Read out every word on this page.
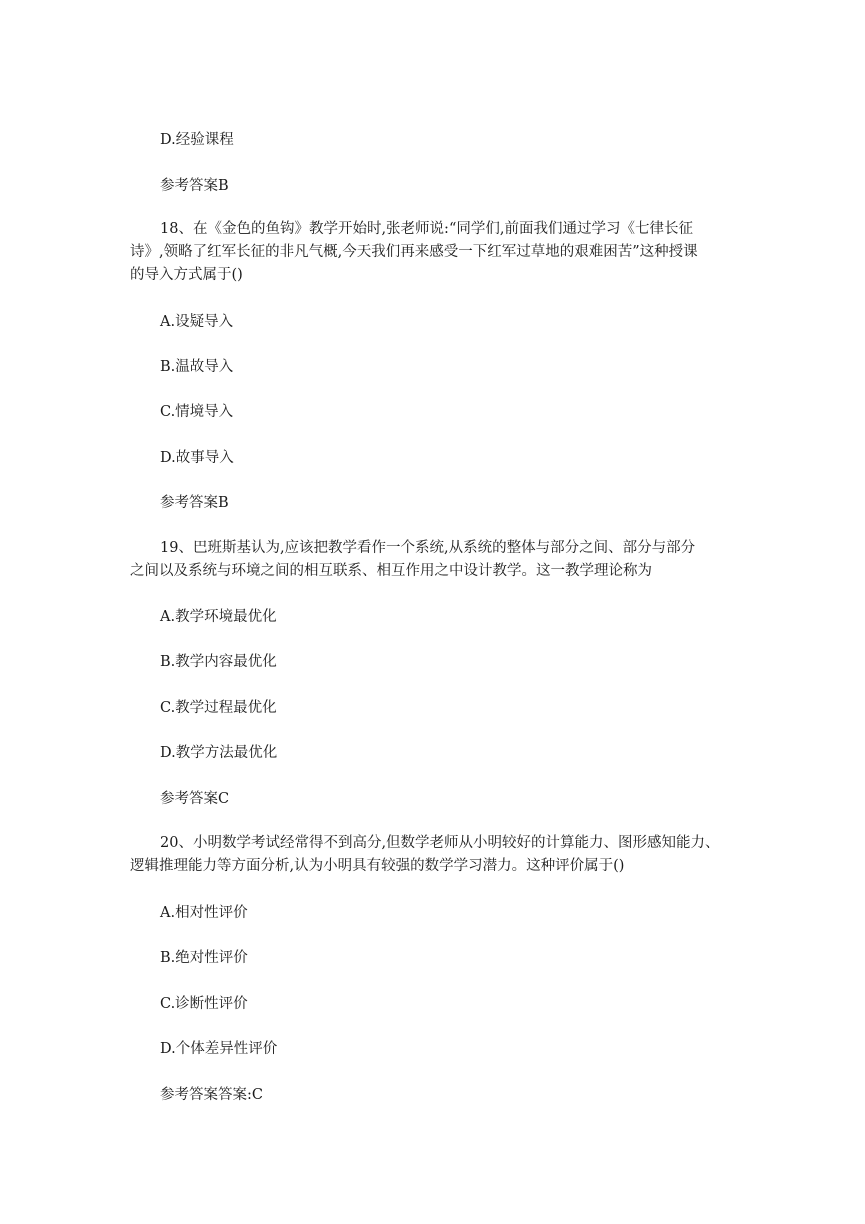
D.经验课程
参考答案B
18、在《金色的鱼钩》教学开始时,张老师说:“同学们,前面我们通过学习《七律长征
诗》,领略了红军长征的非凡气概,今天我们再来感受一下红军过草地的艰难困苦”这种授课
的导入方式属于()
A.设疑导入
B.温故导入
C.情境导入
D.故事导入
参考答案B
19、巴班斯基认为,应该把教学看作一个系统,从系统的整体与部分之间、部分与部分
之间以及系统与环境之间的相互联系、相互作用之中设计教学。这一教学理论称为
A.教学环境最优化
B.教学内容最优化
C.教学过程最优化
D.教学方法最优化
参考答案C
20、小明数学考试经常得不到高分,但数学老师从小明较好的计算能力、图形感知能力、
逻辑推理能力等方面分析,认为小明具有较强的数学学习潜力。这种评价属于()
A.相对性评价
B.绝对性评价
C.诊断性评价
D.个体差异性评价
参考答案答案:C
